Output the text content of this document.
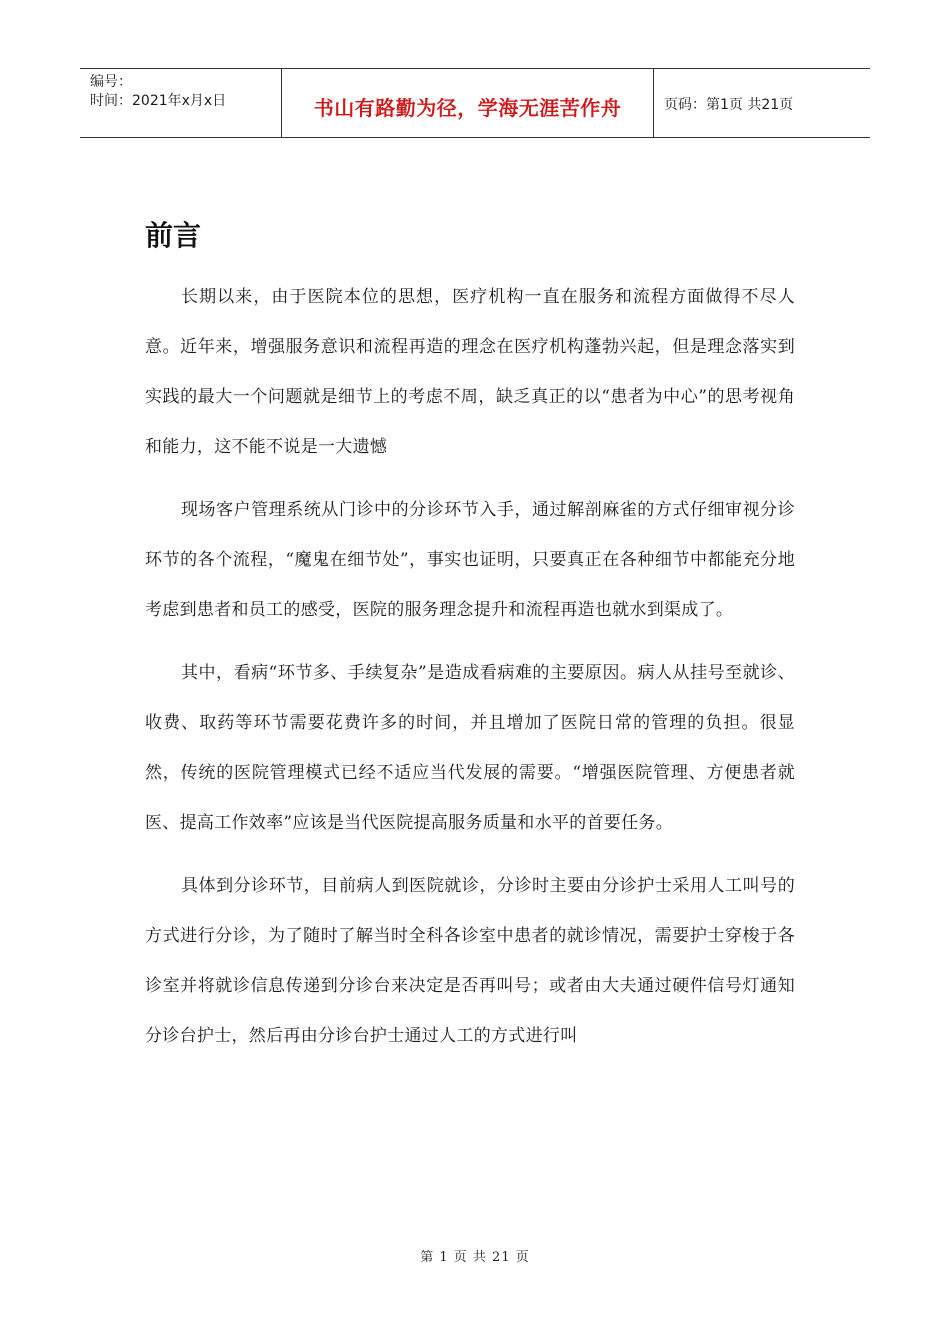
编号：
时间：2021年x月x日	书山有路勤为径，学海无涯苦作舟	页码：第1页 共21页
前言

长期以来，由于医院本位的思想，医疗机构一直在服务和流程方面做得不尽人意。近年来，增强服务意识和流程再造的理念在医疗机构蓬勃兴起，但是理念落实到实践的最大一个问题就是细节上的考虑不周，缺乏真正的以“患者为中心”的思考视角和能力，这不能不说是一大遗憾

现场客户管理系统从门诊中的分诊环节入手，通过解剖麻雀的方式仔细审视分诊环节的各个流程，“魔鬼在细节处”，事实也证明，只要真正在各种细节中都能充分地考虑到患者和员工的感受，医院的服务理念提升和流程再造也就水到渠成了。

其中，看病“环节多、手续复杂”是造成看病难的主要原因。病人从挂号至就诊、收费、取药等环节需要花费许多的时间，并且增加了医院日常的管理的负担。很显然，传统的医院管理模式已经不适应当代发展的需要。“增强医院管理、方便患者就医、提高工作效率”应该是当代医院提高服务质量和水平的首要任务。

具体到分诊环节，目前病人到医院就诊，分诊时主要由分诊护士采用人工叫号的方式进行分诊，为了随时了解当时全科各诊室中患者的就诊情况，需要护士穿梭于各诊室并将就诊信息传递到分诊台来决定是否再叫号；或者由大夫通过硬件信号灯通知分诊台护士，然后再由分诊台护士通过人工的方式进行叫

第 1 页 共 21 页
